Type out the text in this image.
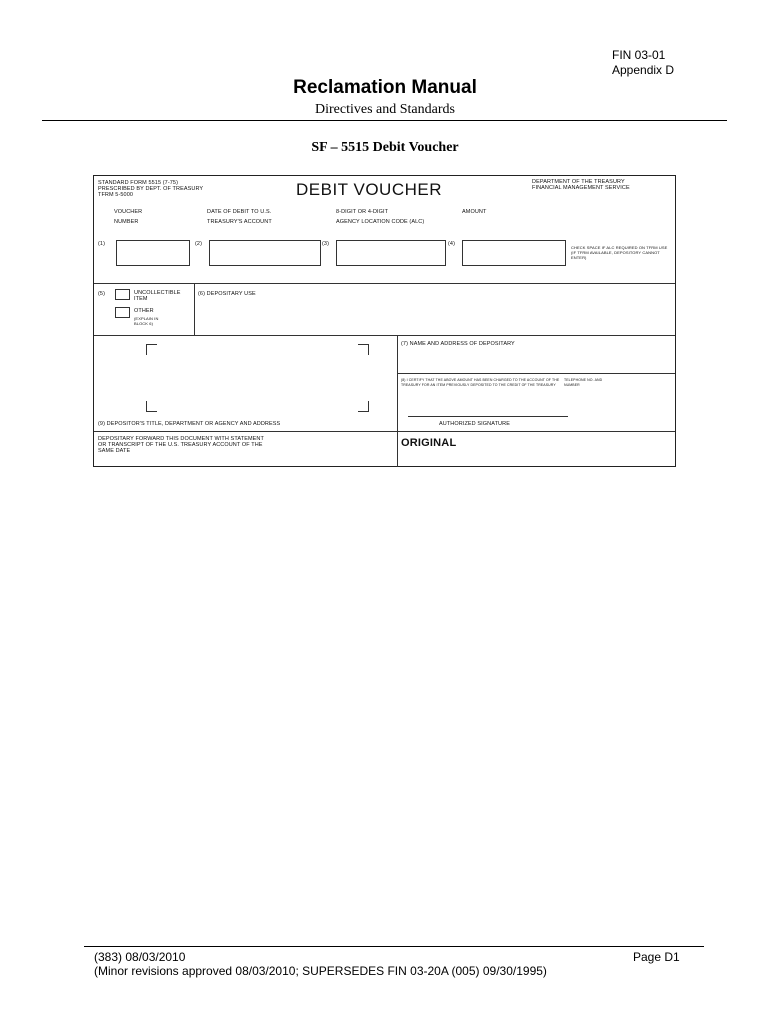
FIN 03-01
Appendix D
Reclamation Manual
Directives and Standards
SF – 5515 Debit Voucher
STANDARD FORM 5515 (7-75)
PRESCRIBED BY DEPT. OF TREASURY
TFRM 5-5000	DEBIT VOUCHER	DEPARTMENT OF THE TREASURY
FINANCIAL MANAGEMENT SERVICE
VOUCHER
NUMBER
DATE OF DEBIT TO U.S.
TREASURY'S ACCOUNT
8-DIGIT OR 4-DIGIT
AGENCY LOCATION CODE (ALC)
AMOUNT
(1)	(2)	(3)	(4)
CHECK SPACE IF ALC REQUIRED ON TFRM USE
(IF TFRM AVAILABLE, DEPOSITORY CANNOT ENTER)
(5)	UNCOLLECTIBLE
ITEM
OTHER
(EXPLAIN IN
BLOCK 6)
(6) DEPOSITARY USE
(7) NAME AND ADDRESS OF DEPOSITARY
(8) I CERTIFY THAT THE ABOVE AMOUNT HAS BEEN CHARGED TO THE ACCOUNT OF THE
TREASURY FOR AN ITEM PREVIOUSLY DEPOSITED TO THE CREDIT OF THE TREASURY
TELEPHONE NO. AND
NUMBER
(9) DEPOSITOR'S TITLE, DEPARTMENT OR AGENCY AND ADDRESS	AUTHORIZED SIGNATURE
DEPOSITARY FORWARD THIS DOCUMENT WITH STATEMENT
OR TRANSCRIPT OF THE U.S. TREASURY ACCOUNT OF THE
SAME DATE
ORIGINAL
(383) 08/03/2010
(Minor revisions approved 08/03/2010; SUPERSEDES FIN 03-20A (005) 09/30/1995)
Page D1
